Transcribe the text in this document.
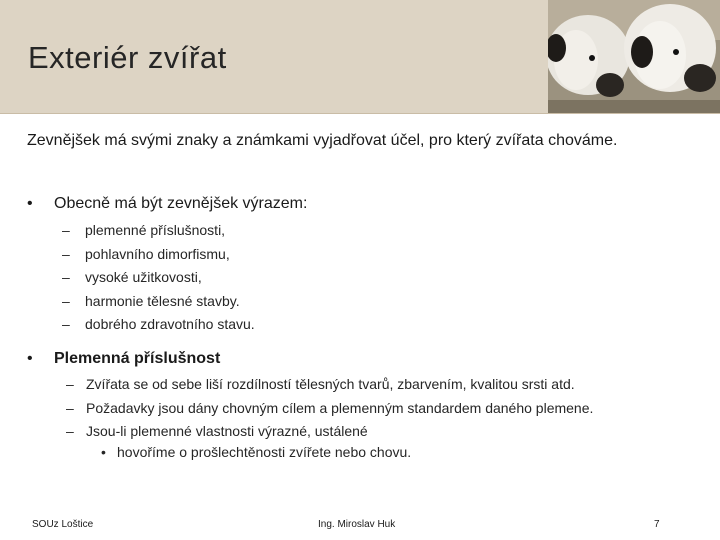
Exteriér zvířat
Zevnějšek má svými znaky a známkami vyjadřovat účel, pro který zvířata chováme.
• Obecně má být zevnějšek výrazem:
– plemenné příslušnosti,
– pohlavního dimorfismu,
– vysoké užitkovosti,
– harmonie tělesné stavby.
– dobrého zdravotního stavu.
• Plemenná příslušnost
– Zvířata se od sebe liší rozdílností tělesných tvarů, zbarvením, kvalitou srsti atd.
– Požadavky jsou dány chovným cílem a plemenným standardem daného plemene.
– Jsou-li plemenné vlastnosti výrazné, ustálené
• hovoříme o prošlechtěnosti zvířete nebo chovu.
SOUz Loštice	Ing. Miroslav Huk	7
